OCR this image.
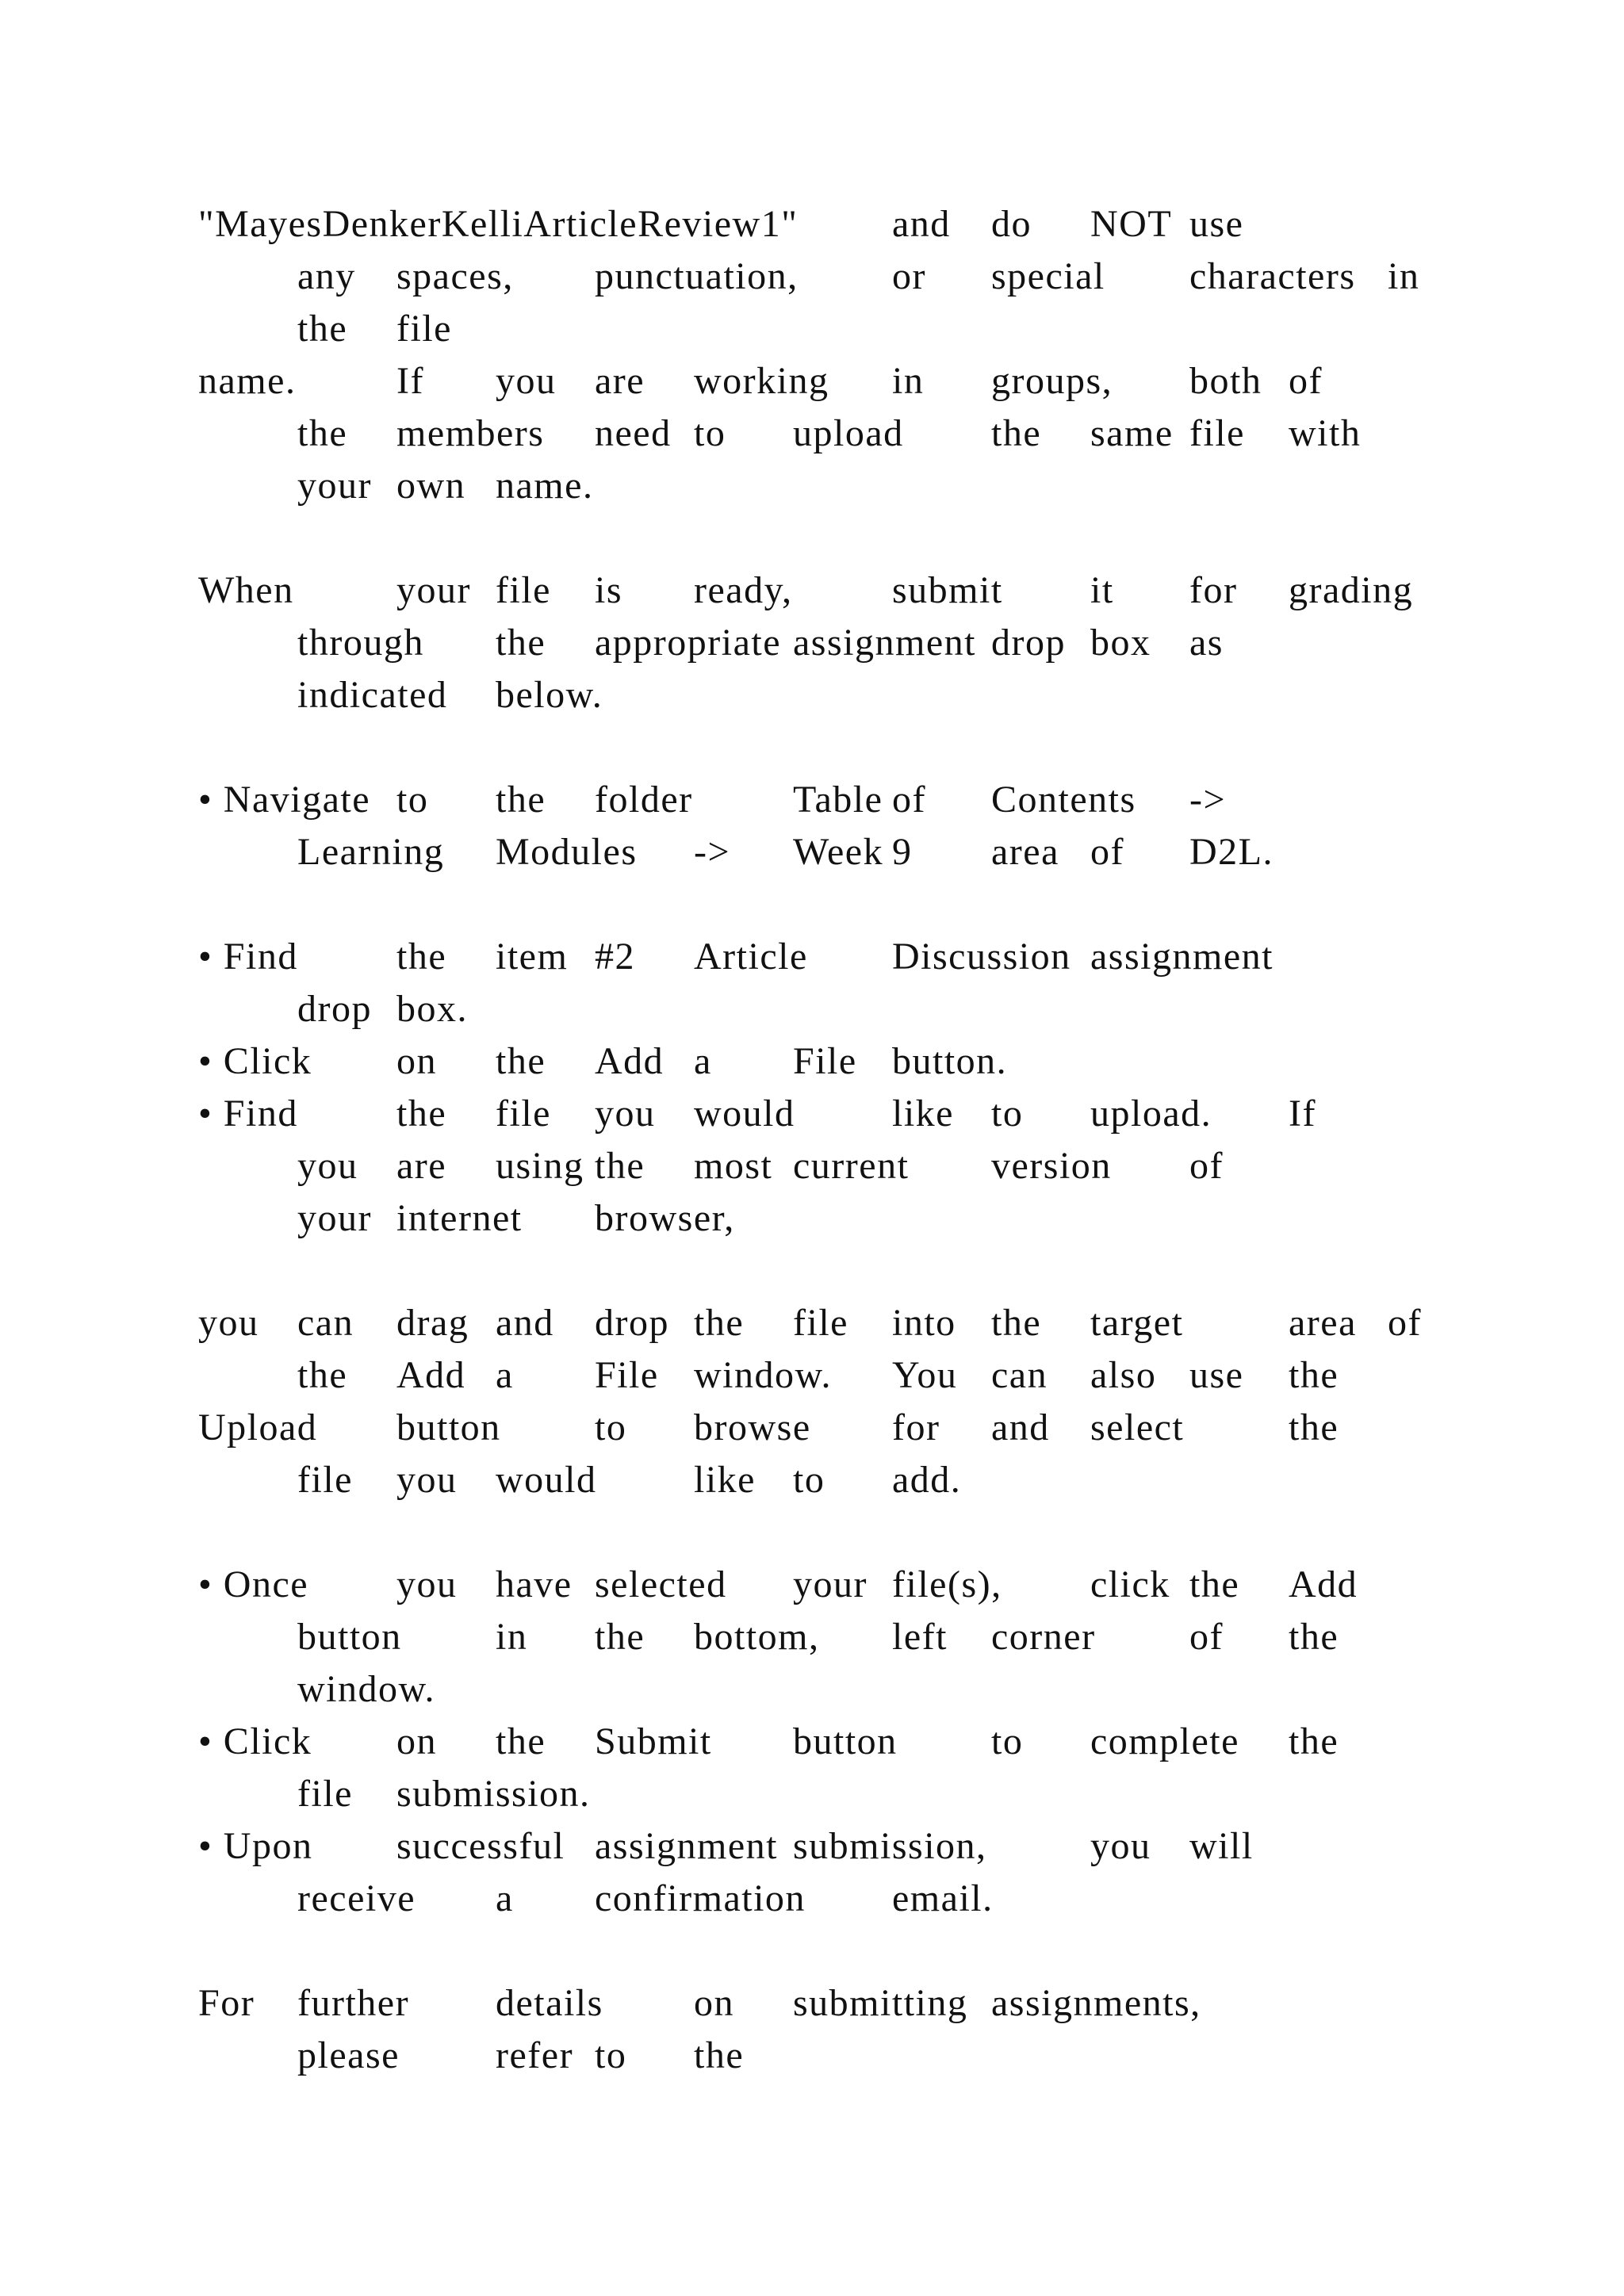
"MayesDenkerKelliArticleReview1" and do NOT use
any spaces, punctuation, or special characters in
the file
name.	If you are working in groups, both of
the members need to upload the same file with
your own name.
When	your file is ready,	submit it for grading
through the appropriate assignment drop box as
indicated below.
• Navigate to the folder	Table of Contents ->
Learning Modules -> Week 9 area of D2L.
• Find	the item #2 Article Discussion assignment
drop box.
• Click on the Add a File button.
• Find	the file you would	like to upload. If
you are using the most current version of
your internet browser,
you can drag and drop the file into the target	area of
the Add a File window. You can also use the
Upload button to browse for and select	the
file you would	like to add.
• Once you have selected your file(s), click the Add
button in the bottom, left corner of the
window.
• Click on the Submit button to complete the
file submission.
• Upon successful assignment submission,	you will
receive a confirmation email.
For further details on submitting assignments,
please	refer to the
